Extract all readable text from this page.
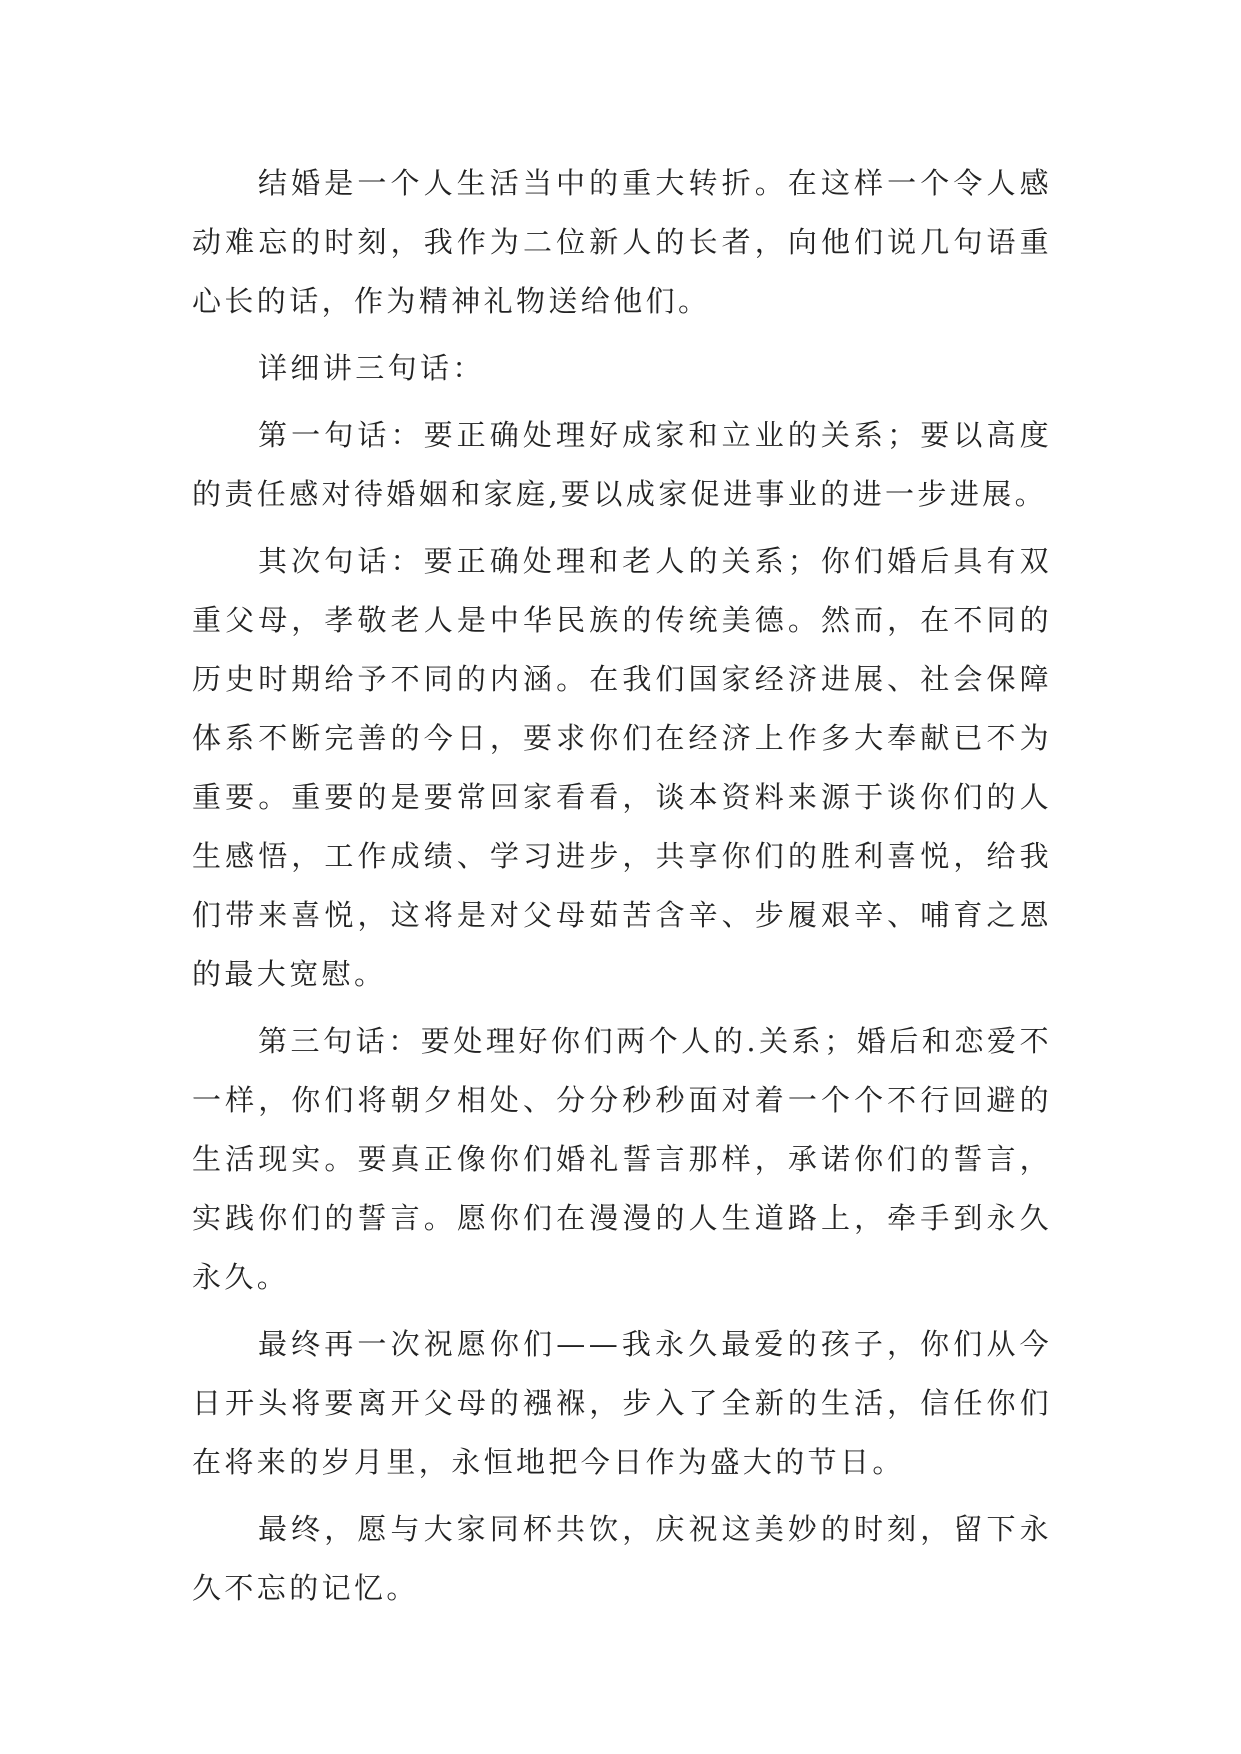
结婚是一个人生活当中的重大转折。在这样一个令人感动难忘的时刻，我作为二位新人的长者，向他们说几句语重心长的话，作为精神礼物送给他们。

详细讲三句话：

第一句话：要正确处理好成家和立业的关系；要以高度的责任感对待婚姻和家庭,要以成家促进事业的进一步进展。

其次句话：要正确处理和老人的关系；你们婚后具有双重父母，孝敬老人是中华民族的传统美德。然而，在不同的历史时期给予不同的内涵。在我们国家经济进展、社会保障体系不断完善的今日，要求你们在经济上作多大奉献已不为重要。重要的是要常回家看看，谈本资料来源于谈你们的人生感悟，工作成绩、学习进步，共享你们的胜利喜悦，给我们带来喜悦，这将是对父母茹苦含辛、步履艰辛、哺育之恩的最大宽慰。

第三句话：要处理好你们两个人的.关系；婚后和恋爱不一样，你们将朝夕相处、分分秒秒面对着一个个不行回避的生活现实。要真正像你们婚礼誓言那样，承诺你们的誓言，实践你们的誓言。愿你们在漫漫的人生道路上，牵手到永久永久。

最终再一次祝愿你们——我永久最爱的孩子，你们从今日开头将要离开父母的襁褓，步入了全新的生活，信任你们在将来的岁月里，永恒地把今日作为盛大的节日。

最终，愿与大家同杯共饮，庆祝这美妙的时刻，留下永久不忘的记忆。
